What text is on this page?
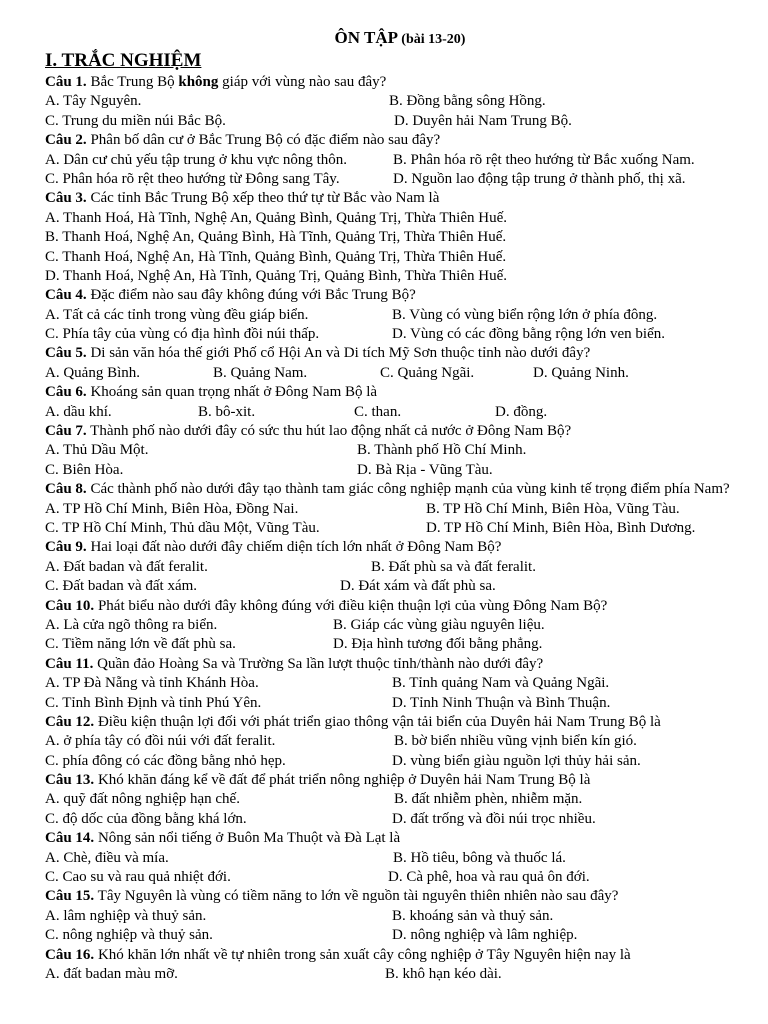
ÔN TẬP (bài 13-20)
I. TRẮC NGHIỆM
Câu 1. Bắc Trung Bộ không giáp với vùng nào sau đây?
A. Tây Nguyên.	B. Đồng bằng sông Hồng.
C. Trung du miền núi Bắc Bộ.	D. Duyên hải Nam Trung Bộ.
Câu 2. Phân bố dân cư ở Bắc Trung Bộ có đặc điểm nào sau đây?
A. Dân cư chủ yếu tập trung ở khu vực nông thôn.	B. Phân hóa rõ rệt theo hướng từ Bắc xuống Nam.
C. Phân hóa rõ rệt theo hướng từ Đông sang Tây.	D. Nguồn lao động tập trung ở thành phố, thị xã.
Câu 3. Các tỉnh Bắc Trung Bộ xếp theo thứ tự từ Bắc vào Nam là
A. Thanh Hoá, Hà Tĩnh, Nghệ An, Quảng Bình, Quảng Trị, Thừa Thiên Huế.
B. Thanh Hoá, Nghệ An, Quảng Bình, Hà Tĩnh, Quảng Trị, Thừa Thiên Huế.
C. Thanh Hoá, Nghệ An, Hà Tĩnh, Quảng Bình, Quảng Trị, Thừa Thiên Huế.
D. Thanh Hoá, Nghệ An, Hà Tĩnh, Quảng Trị, Quảng Bình, Thừa Thiên Huế.
Câu 4. Đặc điểm nào sau đây không đúng với Bắc Trung Bộ?
A. Tất cả các tỉnh trong vùng đều giáp biển.	B. Vùng có vùng biển rộng lớn ở phía đông.
C. Phía tây của vùng có địa hình đồi núi thấp.	D. Vùng có các đồng bằng rộng lớn ven biển.
Câu 5. Di sản văn hóa thế giới Phố cổ Hội An và Di tích Mỹ Sơn thuộc tỉnh nào dưới đây?
A. Quảng Bình.	B. Quảng Nam.	C. Quảng Ngãi.	D. Quảng Ninh.
Câu 6. Khoáng sản quan trọng nhất ở Đông Nam Bộ là
A. dầu khí.	B. bô-xit.	C. than.	D. đồng.
Câu 7. Thành phố nào dưới đây có sức thu hút lao động nhất cả nước ở Đông Nam Bộ?
A. Thủ Dầu Một.	B. Thành phố Hồ Chí Minh.
C. Biên Hòa.	D. Bà Rịa - Vũng Tàu.
Câu 8. Các thành phố nào dưới đây tạo thành tam giác công nghiệp mạnh của vùng kinh tế trọng điểm phía Nam?
A. TP Hồ Chí Minh, Biên Hòa, Đồng Nai.	B. TP Hồ Chí Minh, Biên Hòa, Vũng Tàu.
C. TP Hồ Chí Minh, Thủ dầu Một, Vũng Tàu.	D. TP Hồ Chí Minh, Biên Hòa, Bình Dương.
Câu 9. Hai loại đất nào dưới đây chiếm diện tích lớn nhất ở Đông Nam Bộ?
A. Đất badan và đất feralit.	B. Đất phù sa và đất feralit.
C. Đất badan và đất xám.	D. Đát xám và đất phù sa.
Câu 10. Phát biểu nào dưới đây không đúng với điều kiện thuận lợi của vùng Đông Nam Bộ?
A. Là cửa ngõ thông ra biển.	B. Giáp các vùng giàu nguyên liệu.
C. Tiềm năng lớn về đất phù sa.	D. Địa hình tương đối bằng phẳng.
Câu 11. Quần đảo Hoàng Sa và Trường Sa lần lượt thuộc tỉnh/thành nào dưới đây?
A. TP Đà Nẵng và tỉnh Khánh Hòa.	B. Tỉnh quảng Nam và Quảng Ngãi.
C. Tỉnh Bình Định và tỉnh Phú Yên.	D. Tỉnh Ninh Thuận và Bình Thuận.
Câu 12. Điều kiện thuận lợi đối với phát triển giao thông vận tải biển của Duyên hải Nam Trung Bộ là
A. ở phía tây có đồi núi với đất feralit.	B. bờ biển nhiều vũng vịnh biển kín gió.
C. phía đông có các đồng bằng nhỏ hẹp.	D. vùng biển giàu nguồn lợi thủy hải sản.
Câu 13. Khó khăn đáng kể về đất để phát triển nông nghiệp ở Duyên hải Nam Trung Bộ là
A. quỹ đất nông nghiệp hạn chế.	B. đất nhiễm phèn, nhiễm mặn.
C. độ dốc của đồng bằng khá lớn.	D. đất trống và đồi núi trọc nhiều.
Câu 14. Nông sản nổi tiếng ở Buôn Ma Thuột và Đà Lạt là
A. Chè, điều và mía.	B. Hồ tiêu, bông và thuốc lá.
C. Cao su và rau quả nhiệt đới.	D. Cà phê, hoa và rau quả ôn đới.
Câu 15. Tây Nguyên là vùng có tiềm năng to lớn về nguồn tài nguyên thiên nhiên nào sau đây?
A. lâm nghiệp và thuỷ sản.	B. khoáng sản và thuỷ sản.
C. nông nghiệp và thuỷ sản.	D. nông nghiệp và lâm nghiệp.
Câu 16. Khó khăn lớn nhất về tự nhiên trong sản xuất cây công nghiệp ở Tây Nguyên hiện nay là
A. đất badan màu mỡ.	B. khô hạn kéo dài.
